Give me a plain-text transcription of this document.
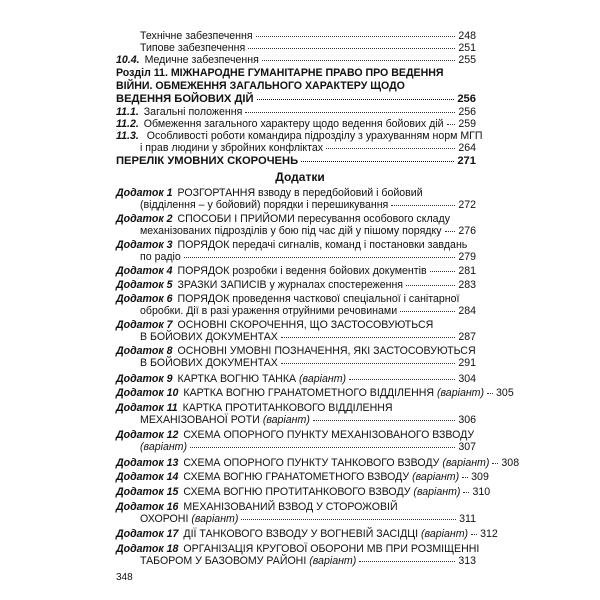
Технічне забезпечення	248
Типове забезпечення	251
10.4. Медичне забезпечення	255
Розділ 11. МІЖНАРОДНЕ ГУМАНІТАРНЕ ПРАВО ПРО ВЕДЕННЯ
ВІЙНИ. ОБМЕЖЕННЯ ЗАГАЛЬНОГО ХАРАКТЕРУ ЩОДО
ВЕДЕННЯ БОЙОВИХ ДІЙ	256
11.1. Загальні положення	256
11.2. Обмеження загального характеру щодо ведення бойових дій 259
11.3. Особливості роботи командира підрозділу з урахуванням норм МГП
і прав людини у збройних конфліктах	264
ПЕРЕЛІК УМОВНИХ СКОРОЧЕНЬ	271
Додатки
Додаток 1 РОЗГОРТАННЯ взводу в передбойовий і бойовий
(відділення – у бойовий) порядки і перешикування	272
Додаток 2 СПОСОБИ І ПРИЙОМИ пересування особового складу
механізованих підрозділів у бою під час дій у пішому порядку 276
Додаток 3 ПОРЯДОК передачі сигналів, команд і постановки завдань
по радіо	279
Додаток 4 ПОРЯДОК розробки і ведення бойових документів	281
Додаток 5 ЗРАЗКИ ЗАПИСІВ у журналах спостереження	283
Додаток 6 ПОРЯДОК проведення часткової спеціальної і санітарної
обробки. Дії в разі ураження отруйними речовинами	284
Додаток 7 ОСНОВНІ СКОРОЧЕННЯ, ЩО ЗАСТОСОВУЮТЬСЯ
В БОЙОВИХ ДОКУМЕНТАХ	287
Додаток 8 ОСНОВНІ УМОВНІ ПОЗНАЧЕННЯ, ЯКІ ЗАСТОСОВУЮТЬСЯ
В БОЙОВИХ ДОКУМЕНТАХ	291
Додаток 9 КАРТКА ВОГНЮ ТАНКА
(варіант)	304
Додаток 10 КАРТКА ВОГНЮ ГРАНАТОМЕТНОГО ВІДДІЛЕННЯ
(варіант) 305
Додаток 11 КАРТКА ПРОТИТАНКОВОГО ВІДДІЛЕННЯ
МЕХАНІЗОВАНОЇ РОТИ
(варіант)	306
Додаток 12 СХЕМА ОПОРНОГО ПУНКТУ МЕХАНІЗОВАНОГО ВЗВОДУ
(варіант)	307
Додаток 13 СХЕМА ОПОРНОГО ПУНКТУ ТАНКОВОГО ВЗВОДУ
(варіант) 308
Додаток 14 СХЕМА ВОГНЮ ГРАНАТОМЕТНОГО ВЗВОДУ
(варіант) 309
Додаток 15 СХЕМА ВОГНЮ ПРОТИТАНКОВОГО ВЗВОДУ
(варіант) 310
Додаток 16 МЕХАНІЗОВАНИЙ ВЗВОД У СТОРОЖОВІЙ
ОХОРОНІ
(варіант)	311
Додаток 17 ДІЇ ТАНКОВОГО ВЗВОДУ У ВОГНЕВІЙ ЗАСІДЦІ
(варіант) 312
Додаток 18 ОРГАНІЗАЦІЯ КРУГОВОЇ ОБОРОНИ МВ ПРИ РОЗМІЩЕННІ
ТАБОРОМ У БАЗОВОМУ РАЙОНІ
(варіант)	313
348
